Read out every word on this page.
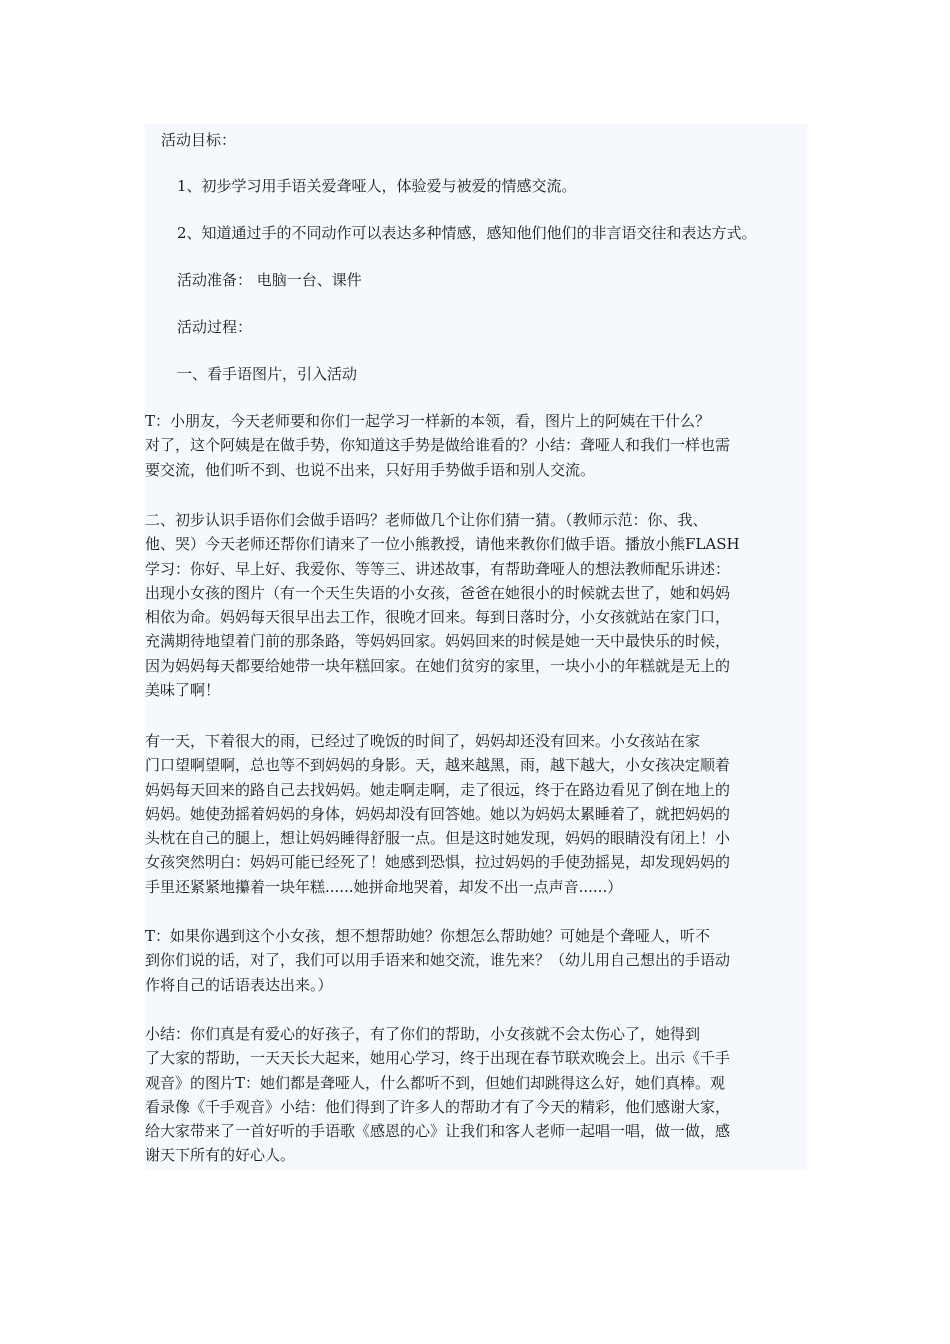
活动目标：
1、初步学习用手语关爱聋哑人，体验爱与被爱的情感交流。
2、知道通过手的不同动作可以表达多种情感，感知他们他们的非言语交往和表达方式。
活动准备： 电脑一台、课件
活动过程：
一、看手语图片，引入活动
T：小朋友，今天老师要和你们一起学习一样新的本领，看，图片上的阿姨在干什么？
对了，这个阿姨是在做手势，你知道这手势是做给谁看的？小结：聋哑人和我们一样也需
要交流，他们听不到、也说不出来，只好用手势做手语和别人交流。
二、初步认识手语你们会做手语吗？老师做几个让你们猜一猜。（教师示范：你、我、
他、哭）今天老师还帮你们请来了一位小熊教授，请他来教你们做手语。播放小熊FLASH
学习：你好、早上好、我爱你、等等三、讲述故事，有帮助聋哑人的想法教师配乐讲述：
出现小女孩的图片（有一个天生失语的小女孩，爸爸在她很小的时候就去世了，她和妈妈
相依为命。妈妈每天很早出去工作，很晚才回来。每到日落时分，小女孩就站在家门口，
充满期待地望着门前的那条路，等妈妈回家。妈妈回来的时候是她一天中最快乐的时候，
因为妈妈每天都要给她带一块年糕回家。在她们贫穷的家里，一块小小的年糕就是无上的
美味了啊！
有一天，下着很大的雨，已经过了晚饭的时间了，妈妈却还没有回来。小女孩站在家
门口望啊望啊，总也等不到妈妈的身影。天，越来越黑，雨，越下越大，小女孩决定顺着
妈妈每天回来的路自己去找妈妈。她走啊走啊，走了很远，终于在路边看见了倒在地上的
妈妈。她使劲摇着妈妈的身体，妈妈却没有回答她。她以为妈妈太累睡着了，就把妈妈的
头枕在自己的腿上，想让妈妈睡得舒服一点。但是这时她发现，妈妈的眼睛没有闭上！小
女孩突然明白：妈妈可能已经死了！她感到恐惧，拉过妈妈的手使劲摇晃，却发现妈妈的
手里还紧紧地攥着一块年糕......她拼命地哭着，却发不出一点声音......）
T：如果你遇到这个小女孩，想不想帮助她？你想怎么帮助她？可她是个聋哑人，听不
到你们说的话，对了，我们可以用手语来和她交流，谁先来？（幼儿用自己想出的手语动
作将自己的话语表达出来。）
小结：你们真是有爱心的好孩子，有了你们的帮助，小女孩就不会太伤心了，她得到
了大家的帮助，一天天长大起来，她用心学习，终于出现在春节联欢晚会上。出示《千手
观音》的图片T：她们都是聋哑人，什么都听不到，但她们却跳得这么好，她们真棒。观
看录像《千手观音》小结：他们得到了许多人的帮助才有了今天的精彩，他们感谢大家，
给大家带来了一首好听的手语歌《感恩的心》让我们和客人老师一起唱一唱，做一做，感
谢天下所有的好心人。
